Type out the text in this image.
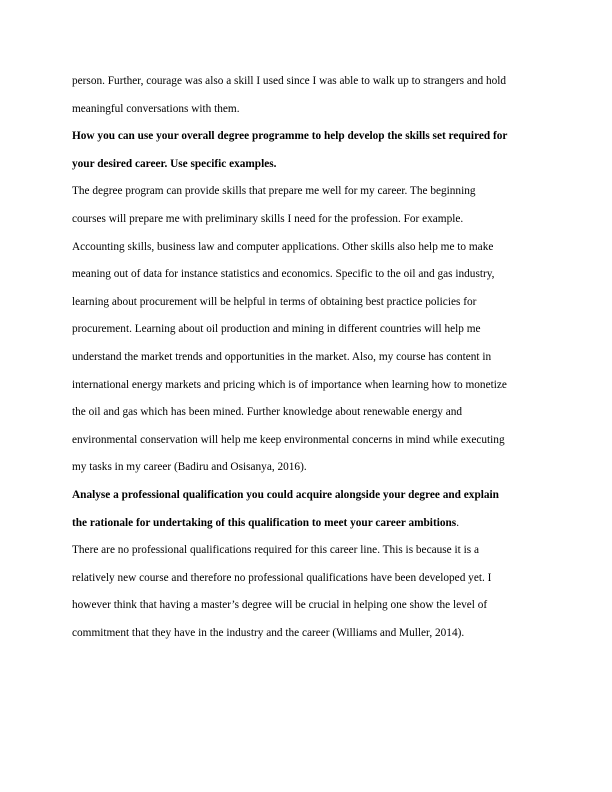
person. Further, courage was also a skill I used since I was able to walk up to strangers and hold
meaningful conversations with them.
How you can use your overall degree programme to help develop the skills set required for
your desired career. Use specific examples.
The degree program can provide skills that prepare me well for my career. The beginning
courses will prepare me with preliminary skills I need for the profession. For example.
Accounting skills, business law and computer applications. Other skills also help me to make
meaning out of data for instance statistics and economics. Specific to the oil and gas industry,
learning about procurement will be helpful in terms of obtaining best practice policies for
procurement. Learning about oil production and mining in different countries will help me
understand the market trends and opportunities in the market. Also, my course has content in
international energy markets and pricing which is of importance when learning how to monetize
the oil and gas which has been mined. Further knowledge about renewable energy and
environmental conservation will help me keep environmental concerns in mind while executing
my tasks in my career (Badiru and Osisanya, 2016).
Analyse a professional qualification you could acquire alongside your degree and explain
the rationale for undertaking of this qualification to meet your career ambitions.
There are no professional qualifications required for this career line. This is because it is a
relatively new course and therefore no professional qualifications have been developed yet. I
however think that having a master’s degree will be crucial in helping one show the level of
commitment that they have in the industry and the career (Williams and Muller, 2014).
